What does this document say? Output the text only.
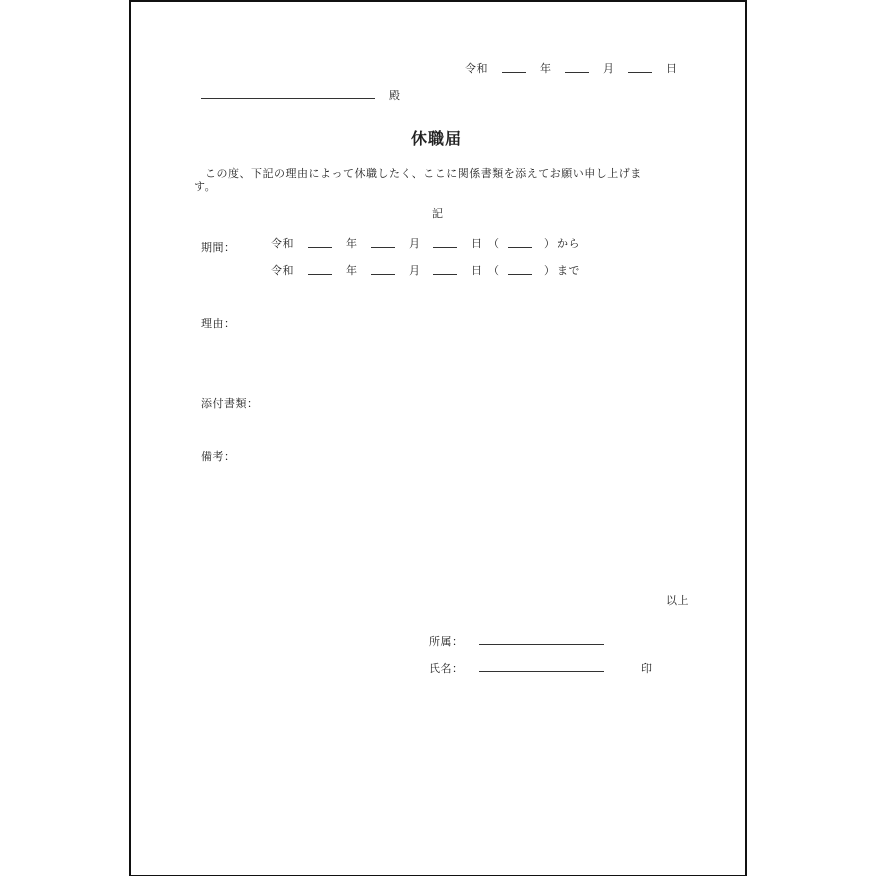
令和	年	月	日
殿
休職届
この度、下記の理由によって休職したく、ここに関係書類を添えてお願い申し上げま
す。
記
期間：	令和	年	月	日 （	） から
令和	年	月	日 （	） まで
理由：
添付書類：
備考：
以上
所属：
氏名：	印
